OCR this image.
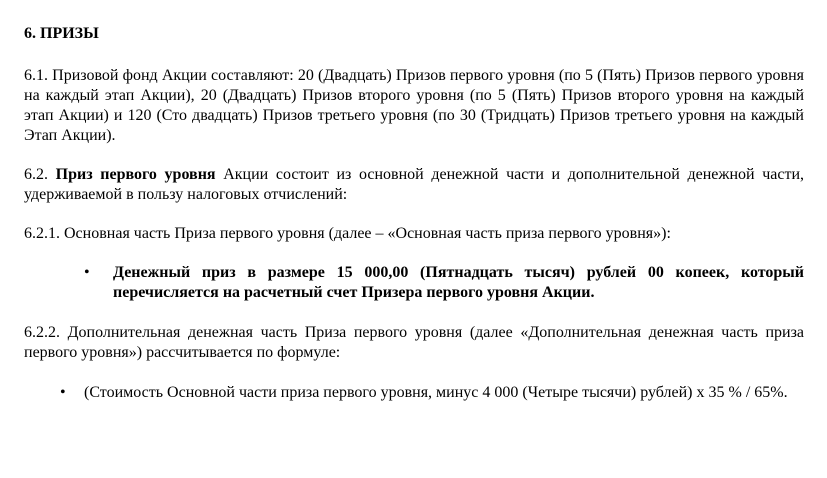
6. ПРИЗЫ

6.1. Призовой фонд Акции составляют: 20 (Двадцать) Призов первого уровня (по 5 (Пять) Призов первого уровня на каждый этап Акции), 20 (Двадцать) Призов второго уровня (по 5 (Пять) Призов второго уровня на каждый этап Акции) и 120 (Сто двадцать) Призов третьего уровня (по 30 (Тридцать) Призов третьего уровня на каждый Этап Акции).

6.2. Приз первого уровня Акции состоит из основной денежной части и дополнительной денежной части, удерживаемой в пользу налоговых отчислений:

6.2.1. Основная часть Приза первого уровня (далее – «Основная часть приза первого уровня»):

• Денежный приз в размере 15 000,00 (Пятнадцать тысяч) рублей 00 копеек, который перечисляется на расчетный счет Призера первого уровня Акции.

6.2.2. Дополнительная денежная часть Приза первого уровня (далее «Дополнительная денежная часть приза первого уровня») рассчитывается по формуле:

• (Стоимость Основной части приза первого уровня, минус 4 000 (Четыре тысячи) рублей) х 35 % / 65%.
